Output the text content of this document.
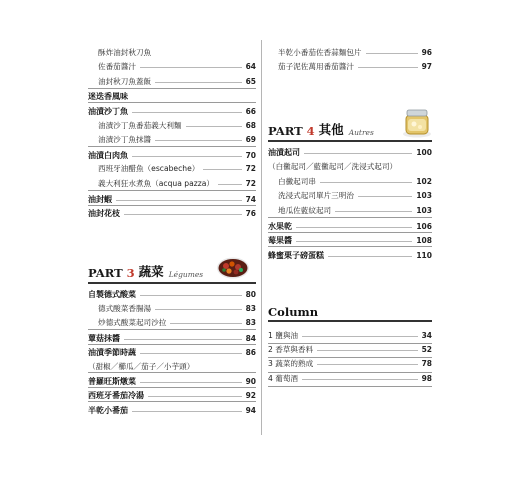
酥炸油封秋刀魚
佐番茄醬汁	64
油封秋刀魚蓋飯	65
迷迭香風味
油漬沙丁魚	66
油漬沙丁魚番茄義大利麵	68
油漬沙丁魚抹醬	69
油漬白肉魚	70
西班牙油醋魚（escabeche）	72
義大利狂水煮魚（acqua pazza）	72
油封蝦	74
油封花枝	76
PART 3 蔬菜 Légumes
自製德式酸菜	80
德式酸菜香腸湯	83
炒德式酸菜起司沙拉	83
蕈菇抹醬	84
油漬季節時蔬	86
（甜椒／櫛瓜／茄子／小芋頭）
普羅旺斯燉菜	90
西班牙番茄冷湯	92
半乾小番茄	94
半乾小番茄佐香蒜麵包片	96
茄子泥佐萬用番茄醬汁	97
PART 4 其他 Autres
油漬起司	100
（白黴起司／藍黴起司／洗浸式起司）
白黴起司串	102
洗浸式起司單片三明治	103
地瓜佐藍紋起司	103
水果乾	106
莓果醬	108
蜂蜜栗子磅蛋糕	110
Column
1 鹽與油	34
2 香草與香料	52
3 蔬菜的熟成	78
4 葡萄酒	98
